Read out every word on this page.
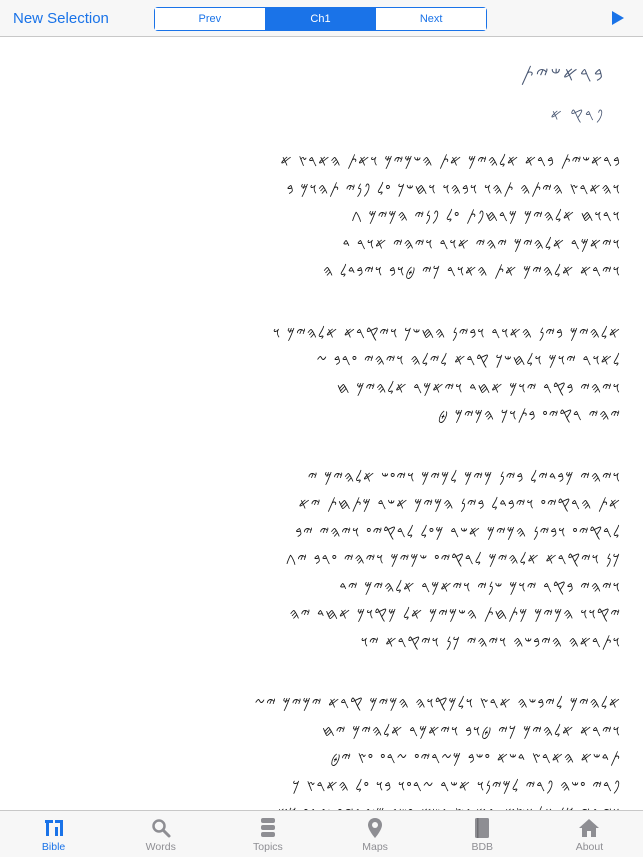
New Selection	Prev	Ch1	Next
𐤁𐤓𐤀𐤔𐤉𐤕
𐤐𐤓𐤒 𐤀
𐤁𐤓𐤀𐤔𐤉𐤕 𐤁𐤓𐤀 𐤀𐤋𐤄𐤉𐤌 𐤀𐤕 𐤄𐤔𐤌𐤉𐤌 𐤅𐤀𐤕 𐤄𐤀𐤓𐤑 𐤀
𐤅𐤄𐤀𐤓𐤑 𐤄𐤉𐤕𐤄 𐤕𐤄𐤅 𐤅𐤁𐤄𐤅 𐤅𐤇𐤔𐤊 𐤏𐤋 𐤐𐤍𐤉 𐤕𐤄𐤅𐤌 𐤁
𐤅𐤓𐤅𐤇 𐤀𐤋𐤄𐤉𐤌 𐤌𐤓𐤇𐤐𐤕 𐤏𐤋 𐤐𐤍𐤉 𐤄𐤌𐤉𐤌 𐤂
𐤅𐤉𐤀𐤌𐤓 𐤀𐤋𐤄𐤉𐤌 𐤉𐤄𐤉 𐤀𐤅𐤓 𐤅𐤉𐤄𐤉 𐤀𐤅𐤓 𐤃
𐤅𐤉𐤓𐤀 𐤀𐤋𐤄𐤉𐤌 𐤀𐤕 𐤄𐤀𐤅𐤓 𐤊𐤉 𐤈𐤅𐤁 𐤅𐤉𐤁𐤃𐤋 𐤄
𐤀𐤋𐤄𐤉𐤌 𐤁𐤉𐤍 𐤄𐤀𐤅𐤓 𐤅𐤁𐤉𐤍 𐤄𐤇𐤔𐤊 𐤅𐤉𐤒𐤓𐤀 𐤀𐤋𐤄𐤉𐤌 𐤅
𐤋𐤀𐤅𐤓 𐤉𐤅𐤌 𐤅𐤋𐤇𐤔𐤊 𐤒𐤓𐤀 𐤋𐤉𐤋𐤄 𐤅𐤉𐤄𐤉 𐤏𐤓𐤁 𐤆
𐤅𐤉𐤄𐤉 𐤁𐤒𐤓 𐤉𐤅𐤌 𐤀𐤇𐤃 𐤅𐤉𐤀𐤌𐤓 𐤀𐤋𐤄𐤉𐤌 𐤇
𐤉𐤄𐤉 𐤓𐤒𐤉𐤏 𐤁𐤕𐤅𐤊 𐤄𐤌𐤉𐤌 𐤈
𐤅𐤉𐤄𐤉 𐤌𐤁𐤃𐤉𐤋 𐤁𐤉𐤍 𐤌𐤉𐤌 𐤋𐤌𐤉𐤌 𐤅𐤉𐤏𐤔 𐤀𐤋𐤄𐤉𐤌 𐤉
𐤀𐤕 𐤄𐤓𐤒𐤉𐤏 𐤅𐤉𐤁𐤃𐤋 𐤁𐤉𐤍 𐤄𐤌𐤉𐤌 𐤀𐤔𐤓 𐤌𐤕𐤇𐤕 𐤉𐤀
𐤋𐤓𐤒𐤉𐤏 𐤅𐤁𐤉𐤍 𐤄𐤌𐤉𐤌 𐤀𐤔𐤓 𐤌𐤏𐤋 𐤋𐤓𐤒𐤉𐤏 𐤅𐤉𐤄𐤉 𐤉𐤁
𐤊𐤍 𐤅𐤉𐤒𐤓𐤀 𐤀𐤋𐤄𐤉𐤌 𐤋𐤓𐤒𐤉𐤏 𐤔𐤌𐤉𐤌 𐤅𐤉𐤄𐤉 𐤏𐤓𐤁 𐤉𐤂
𐤅𐤉𐤄𐤉 𐤁𐤒𐤓 𐤉𐤅𐤌 𐤔𐤍𐤉 𐤅𐤉𐤀𐤌𐤓 𐤀𐤋𐤄𐤉𐤌 𐤉𐤃
𐤉𐤒𐤅𐤅 𐤄𐤌𐤉𐤌 𐤌𐤕𐤇𐤕 𐤄𐤔𐤌𐤉𐤌 𐤀𐤋 𐤌𐤒𐤅𐤌 𐤀𐤇𐤃 𐤉𐤄
𐤅𐤕𐤓𐤀𐤄 𐤄𐤉𐤁𐤔𐤄 𐤅𐤉𐤄𐤉 𐤊𐤍 𐤅𐤉𐤒𐤓𐤀 𐤉𐤅
𐤀𐤋𐤄𐤉𐤌 𐤋𐤉𐤁𐤔𐤄 𐤀𐤓𐤑 𐤅𐤋𐤌𐤒𐤅𐤄 𐤄𐤌𐤉𐤌 𐤒𐤓𐤀 𐤉𐤌𐤉𐤌 𐤉𐤆
𐤅𐤉𐤓𐤀 𐤀𐤋𐤄𐤉𐤌 𐤊𐤉 𐤈𐤅𐤁 𐤅𐤉𐤀𐤌𐤓 𐤀𐤋𐤄𐤉𐤌 𐤉𐤇
𐤕𐤃𐤔𐤀 𐤄𐤀𐤓𐤑 𐤃𐤔𐤀 𐤏𐤔𐤁 𐤌𐤆𐤓𐤉𐤏 𐤆𐤓𐤏 𐤏𐤑 𐤉𐤈
𐤐𐤓𐤉 𐤏𐤔𐤄 𐤐𐤓𐤉 𐤋𐤌𐤉𐤍𐤅 𐤀𐤔𐤓 𐤆𐤓𐤏𐤅 𐤁𐤅 𐤏𐤋 𐤄𐤀𐤓𐤑 𐤊
Bible	Words	Topics	Maps	BDB	About
